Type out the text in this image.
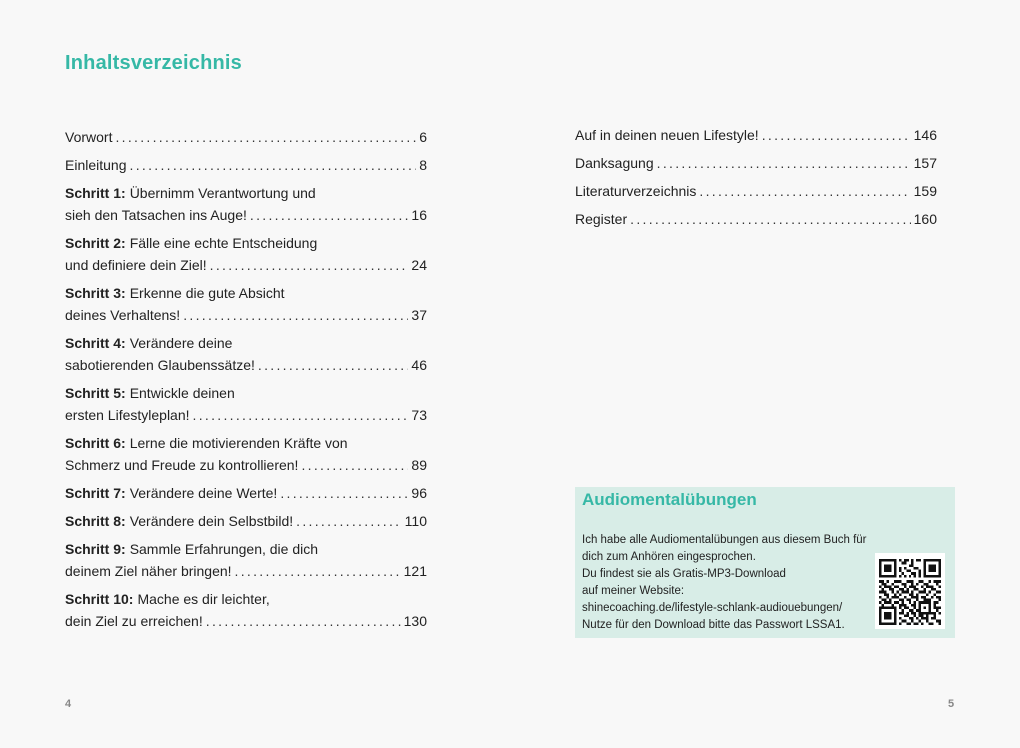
Inhaltsverzeichnis
Vorwort .....	6
Einleitung .....	8
Schritt 1: Übernimm Verantwortung und
sieh den Tatsachen ins Auge! .....	16
Schritt 2: Fälle eine echte Entscheidung
und definiere dein Ziel! .....	24
Schritt 3: Erkenne die gute Absicht
deines Verhaltens! .....	37
Schritt 4: Verändere deine
sabotierenden Glaubenssätze! .....	46
Schritt 5: Entwickle deinen
ersten Lifestyleplan! .....	73
Schritt 6: Lerne die motivierenden Kräfte von
Schmerz und Freude zu kontrollieren! .....	89
Schritt 7: Verändere deine Werte! .....	96
Schritt 8: Verändere dein Selbstbild! .....	110
Schritt 9: Sammle Erfahrungen, die dich
deinem Ziel näher bringen! .....	121
Schritt 10: Mache es dir leichter,
dein Ziel zu erreichen! .....	130
4
Auf in deinen neuen Lifestyle! .....	146
Danksagung .....	157
Literaturverzeichnis .....	159
Register .....	160
Audiomentalübungen

Ich habe alle Audiomentalübungen aus diesem Buch für
dich zum Anhören eingesprochen.
Du findest sie als Gratis-MP3-Download
auf meiner Website:
shinecoaching.de/lifestyle-schlank-audiouebungen/
Nutze für den Download bitte das Passwort LSSA1.

5
